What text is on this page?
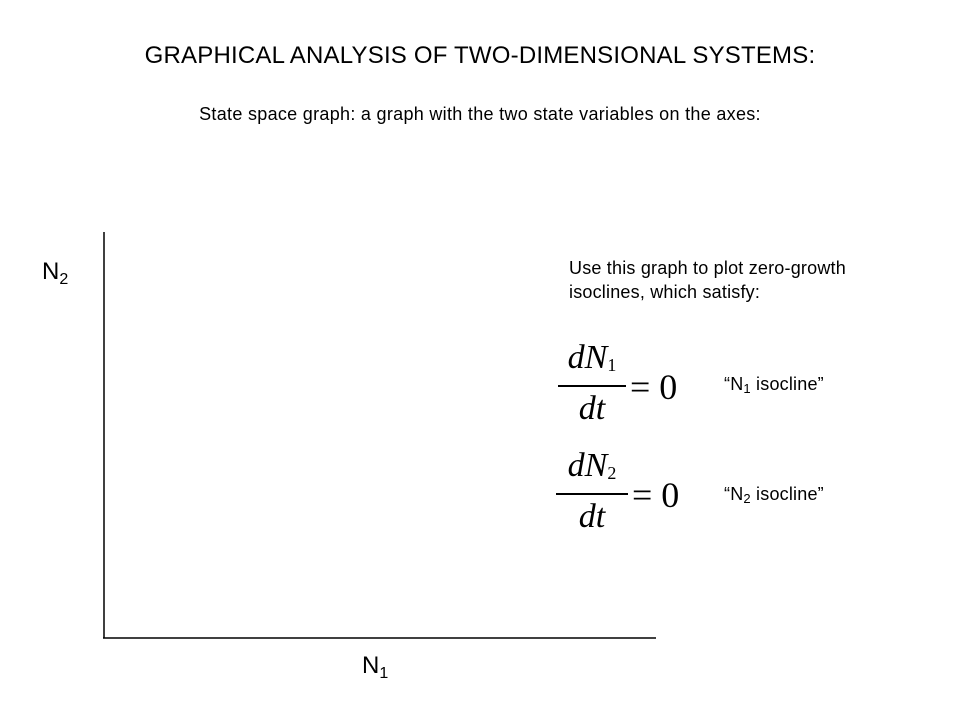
GRAPHICAL ANALYSIS OF TWO-DIMENSIONAL SYSTEMS:
State space graph: a graph with the two state variables on the axes:
$N_2$
$N_1$
Use this graph to plot zero-growth isoclines, which satisfy:
$dN_1$
dt
= 0	“$N_1$ isocline”
$dN_2$
dt
= 0 “$N_2$ isocline”
